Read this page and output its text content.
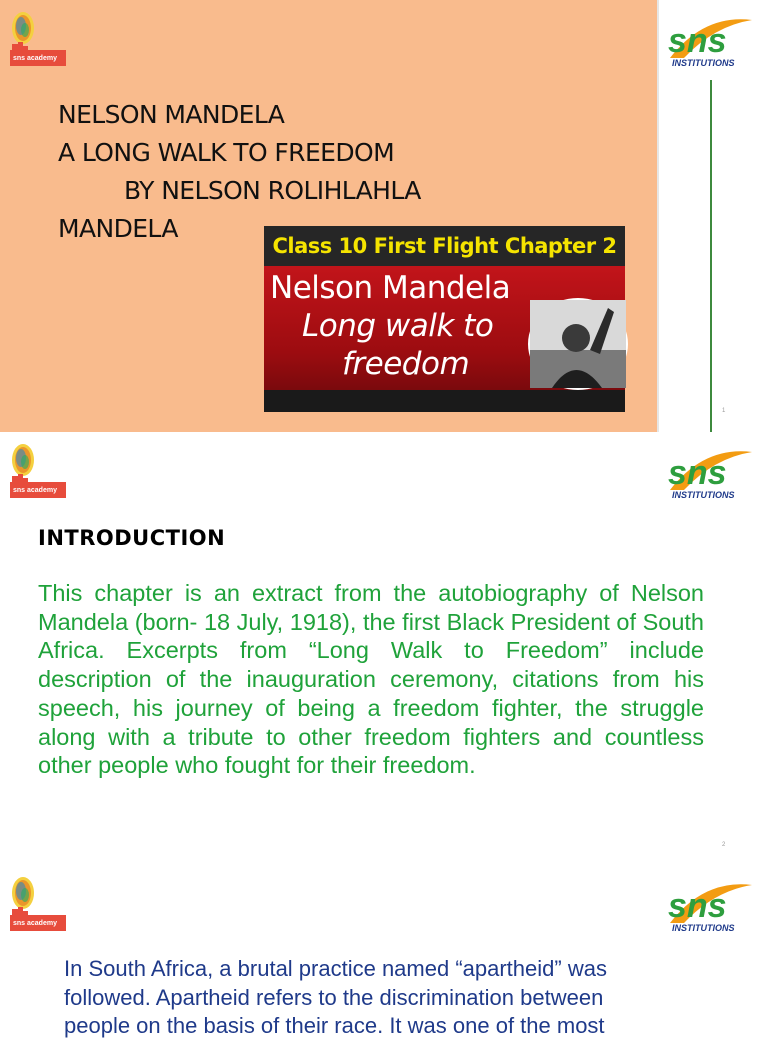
sns academy
NELSON MANDELA
A LONG WALK TO FREEDOM
BY NELSON ROLIHLAHLA
MANDELA
Class 10 First Flight Chapter 2
Nelson Mandela
Long walk to
freedom
sns
INSTITUTIONS
1
sns academy	sns
INSTITUTIONS
INTRODUCTION
This chapter is an extract from the autobiography of Nelson Mandela (born- 18 July, 1918), the first Black President of South Africa. Excerpts from “Long Walk to Freedom” include description of the inauguration ceremony, citations from his speech, his journey of being a freedom fighter, the struggle along with a tribute to other freedom fighters and countless other people who fought for their freedom.
2
sns academy	sns
INSTITUTIONS
In South Africa, a brutal practice named “apartheid” was followed. Apartheid refers to the discrimination between people on the basis of their race. It was one of the most
